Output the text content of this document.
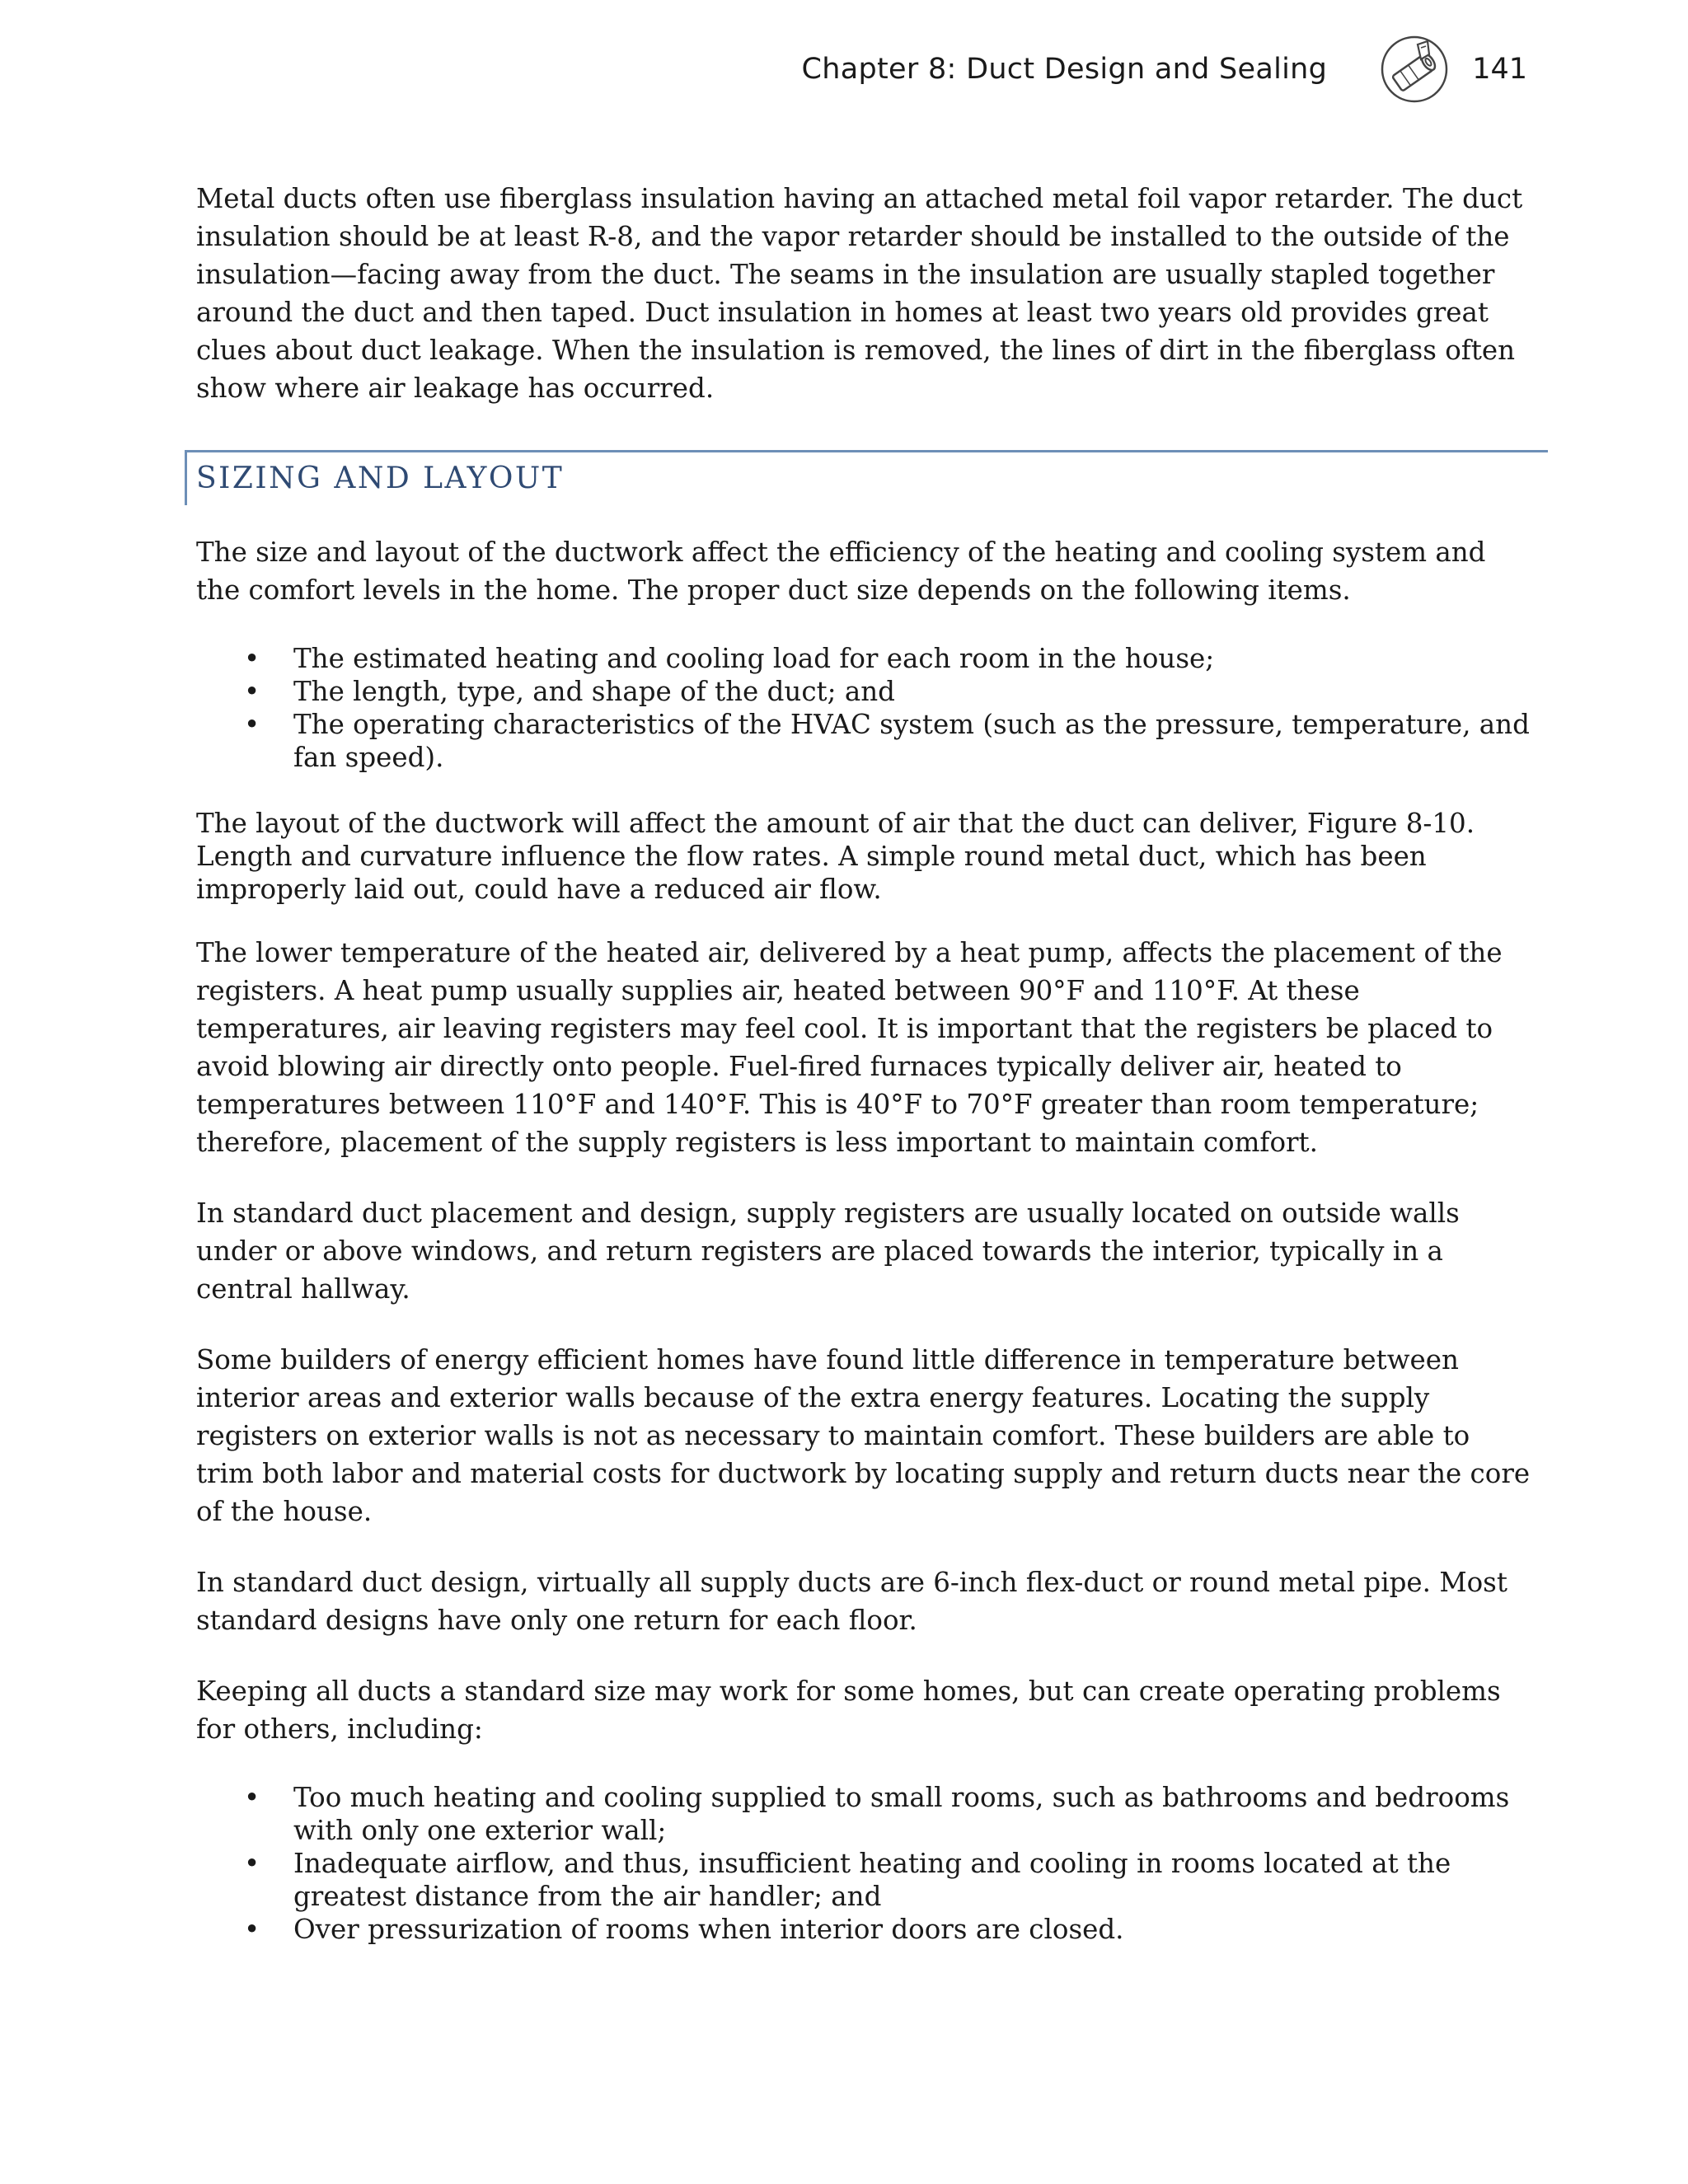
Chapter 8: Duct Design and Sealing	141

Metal ducts often use fiberglass insulation having an attached metal foil vapor retarder. The duct insulation should be at least R-8, and the vapor retarder should be installed to the outside of the insulation—facing away from the duct. The seams in the insulation are usually stapled together around the duct and then taped. Duct insulation in homes at least two years old provides great clues about duct leakage. When the insulation is removed, the lines of dirt in the fiberglass often show where air leakage has occurred.

SIZING AND LAYOUT

The size and layout of the ductwork affect the efficiency of the heating and cooling system and the comfort levels in the home. The proper duct size depends on the following items.

• The estimated heating and cooling load for each room in the house;
• The length, type, and shape of the duct; and
• The operating characteristics of the HVAC system (such as the pressure, temperature, and fan speed).

The layout of the ductwork will affect the amount of air that the duct can deliver, Figure 8-10. Length and curvature influence the flow rates. A simple round metal duct, which has been improperly laid out, could have a reduced air flow.

The lower temperature of the heated air, delivered by a heat pump, affects the placement of the registers. A heat pump usually supplies air, heated between 90°F and 110°F. At these temperatures, air leaving registers may feel cool. It is important that the registers be placed to avoid blowing air directly onto people. Fuel-fired furnaces typically deliver air, heated to temperatures between 110°F and 140°F. This is 40°F to 70°F greater than room temperature; therefore, placement of the supply registers is less important to maintain comfort.

In standard duct placement and design, supply registers are usually located on outside walls under or above windows, and return registers are placed towards the interior, typically in a central hallway.

Some builders of energy efficient homes have found little difference in temperature between interior areas and exterior walls because of the extra energy features. Locating the supply registers on exterior walls is not as necessary to maintain comfort. These builders are able to trim both labor and material costs for ductwork by locating supply and return ducts near the core of the house.

In standard duct design, virtually all supply ducts are 6-inch flex-duct or round metal pipe. Most standard designs have only one return for each floor.

Keeping all ducts a standard size may work for some homes, but can create operating problems for others, including:

• Too much heating and cooling supplied to small rooms, such as bathrooms and bedrooms with only one exterior wall;
• Inadequate airflow, and thus, insufficient heating and cooling in rooms located at the greatest distance from the air handler; and
• Over pressurization of rooms when interior doors are closed.
